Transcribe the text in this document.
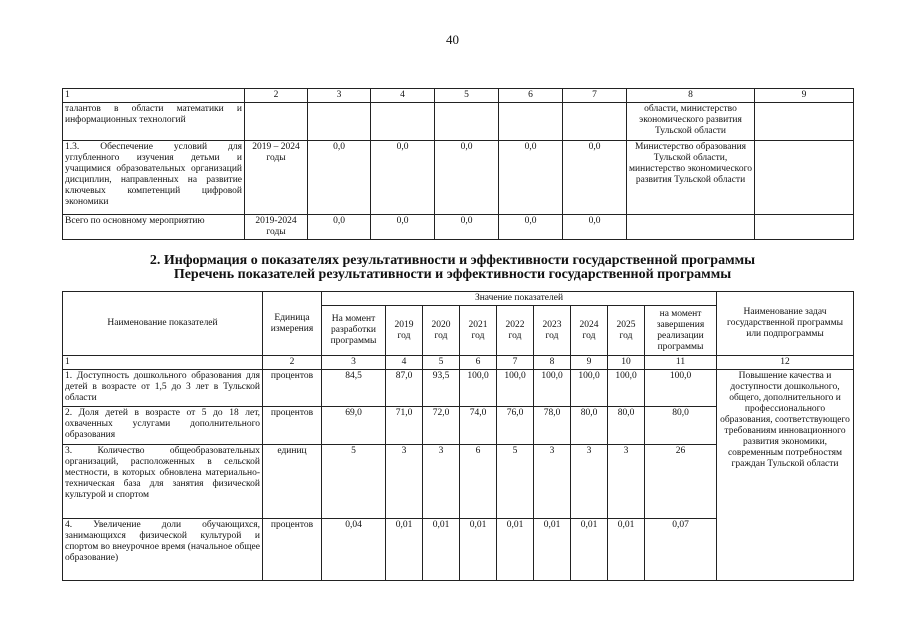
40
1	2	3	4	5	6	7	8	9
талантов в области математики и информационных технологий							области, министерство экономического развития Тульской области	
1.3. Обеспечение условий для углубленного изучения детьми и учащимися образовательных организаций дисциплин, направленных на развитие ключевых компетенций цифровой экономики	2019 – 2024 годы	0,0	0,0	0,0	0,0	0,0	Министерство образования Тульской области, министерство экономического развития Тульской области	
Всего по основному мероприятию	2019-2024 годы	0,0	0,0	0,0	0,0	0,0		
2. Информация о показателях результативности и эффективности государственной программы
Перечень показателей результативности и эффективности государственной программы
Наименование показателей	Единица измерения	Значение показателей									Наименование задач государственной программы или подпрограммы
		На момент разработки программы	2019 год	2020 год	2021 год	2022 год	2023 год	2024 год	2025 год	на момент завершения реализации программы	
1	2	3	4	5	6	7	8	9	10	11	12
1. Доступность дошкольного образования для детей в возрасте от 1,5 до 3 лет в Тульской области	процентов	84,5	87,0	93,5	100,0	100,0	100,0	100,0	100,0	100,0	Повышение качества и доступности дошкольного, общего, дополнительного и профессионального образования, соответствующего требованиям инновационного развития экономики, современным потребностям граждан Тульской области
2. Доля детей в возрасте от 5 до 18 лет, охваченных услугами дополнительного образования	процентов	69,0	71,0	72,0	74,0	76,0	78,0	80,0	80,0	80,0	
3. Количество общеобразовательных организаций, расположенных в сельской местности, в которых обновлена материально-техническая база для занятия физической культурой и спортом	единиц	5	3	3	6	5	3	3	3	26	
4. Увеличение доли обучающихся, занимающихся физической культурой и спортом во внеурочное время (начальное общее образование)	процентов	0,04	0,01	0,01	0,01	0,01	0,01	0,01	0,01	0,07	
